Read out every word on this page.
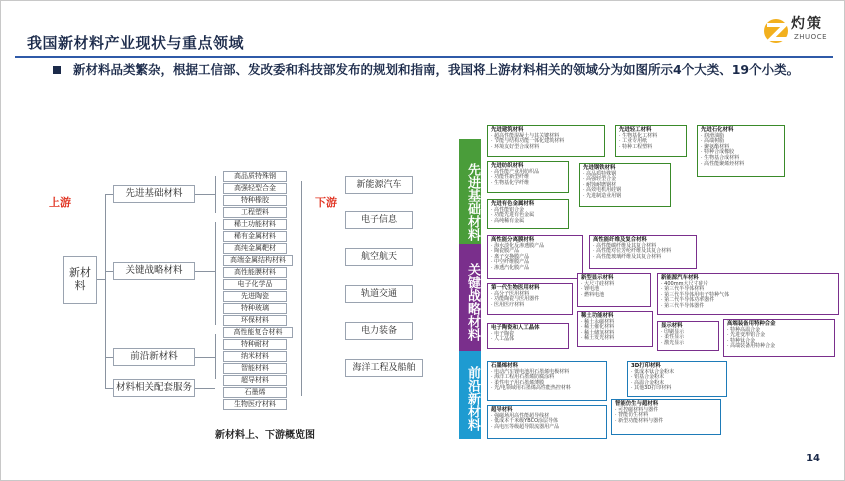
我国新材料产业现状与重点领域
灼策
ZHUOCE
新材料品类繁杂，根据工信部、发改委和科技部发布的规划和指南，我国将上游材料相关的领域分为如图所示4个大类、19个小类。
上游	下游
新材料
先进基础材料
关键战略材料
前沿新材料
材料相关配套服务
高品质特殊钢
高强轻型合金
特种橡胶
工程塑料
稀土功能材料
稀有金属材料
高纯金属靶材
高端金属结构材料
高性能膜材料
电子化学品
先进陶瓷
特种玻璃
环保材料
高性能复合材料
特种耐材
纳米材料
智能材料
超导材料
石墨烯
生物医疗材料
新能源汽车
电子信息
航空航天
轨道交通
电力装备
海洋工程及船舶
新材料上、下游概览图
先进基础材料
关键战略材料
前沿新材料
先进建筑材料
· 超高性能混凝土与其关键材料
· 节能与结构功能一体化建筑材料
· 环境友好型合成材料
先进轻工材料
· 生物基化工材料
· 工业专用纸
· 特种工程塑料
先进石化材料
· 润滑油脂
· 高端树脂
· 聚氨酯材料
· 特种合成橡胶
· 生物基合成材料
· 高性能聚烯烃材料
先进纺织材料
· 高性能产业用纺织品
· 功能性新型纤维
· 生物基化学纤维
先进钢铁材料
· 高品质特殊钢
· 高强轻型合金
· 耐蚀耐磨钢材
· 高效电机用硅钢
· 先进制造业用钢
先进有色金属材料
· 高性能铝合金
· 功能先进有色金属
· 高纯稀有金属
高性能分离膜材料
· 海水淡化反渗透膜产品
· 陶瓷膜产品
· 离子交换膜产品
· 中空纤维膜产品
· 渗透汽化膜产品
高性能纤维及复合材料
· 高性能碳纤维及其复合材料
· 高性能对位芳纶纤维及其复合材料
· 高性能玻璃纤维及其复合材料
新型显示材料
· 大尺寸硅材料
· 锂电池
· 燃料电池
新能源汽车材料
· 400mm大尺寸硅片
· 第三代半导体材料
· 第三代半导体用电子特种气体
· 第二代半导体功率器件
· 第三代半导体器件
第一代生物医用材料
· 高分子医用材料
· 功能陶瓷与医用器件
· 医用医疗材料
稀土功能材料
· 稀土永磁材料
· 稀土催化材料
· 稀土储氢材料
· 稀土发光材料
电子陶瓷和人工晶体
· 电子陶瓷
· 人工晶体
显示材料
· 印刷显示
· 柔性显示
· 激光显示
高端装备用特种合金
· 特种高温合金
· 先进变形铝合金
· 特种钛合金
· 高端装备用特种合金
石墨烯材料
· 电动汽车锂电池用石墨烯电极材料
· 海洋工程用石墨烯防腐涂料
· 柔性电子用石墨烯薄膜
· 光/电领域用石墨烯高性能热控材料
3D打印材料
· 低成本钛合金粉末
· 铝基合金粉末
· 高温合金粉末
· 其他3D打印材料
超导材料
· 强磁场用高性能超导线材
· 低成本千米级YBCO涂层导体
· 高电压等级超导限流器用产品
智能仿生与超材料
· 可控磁材料与器件
· 智能仿生材料
· 新型功能材料与器件
14
